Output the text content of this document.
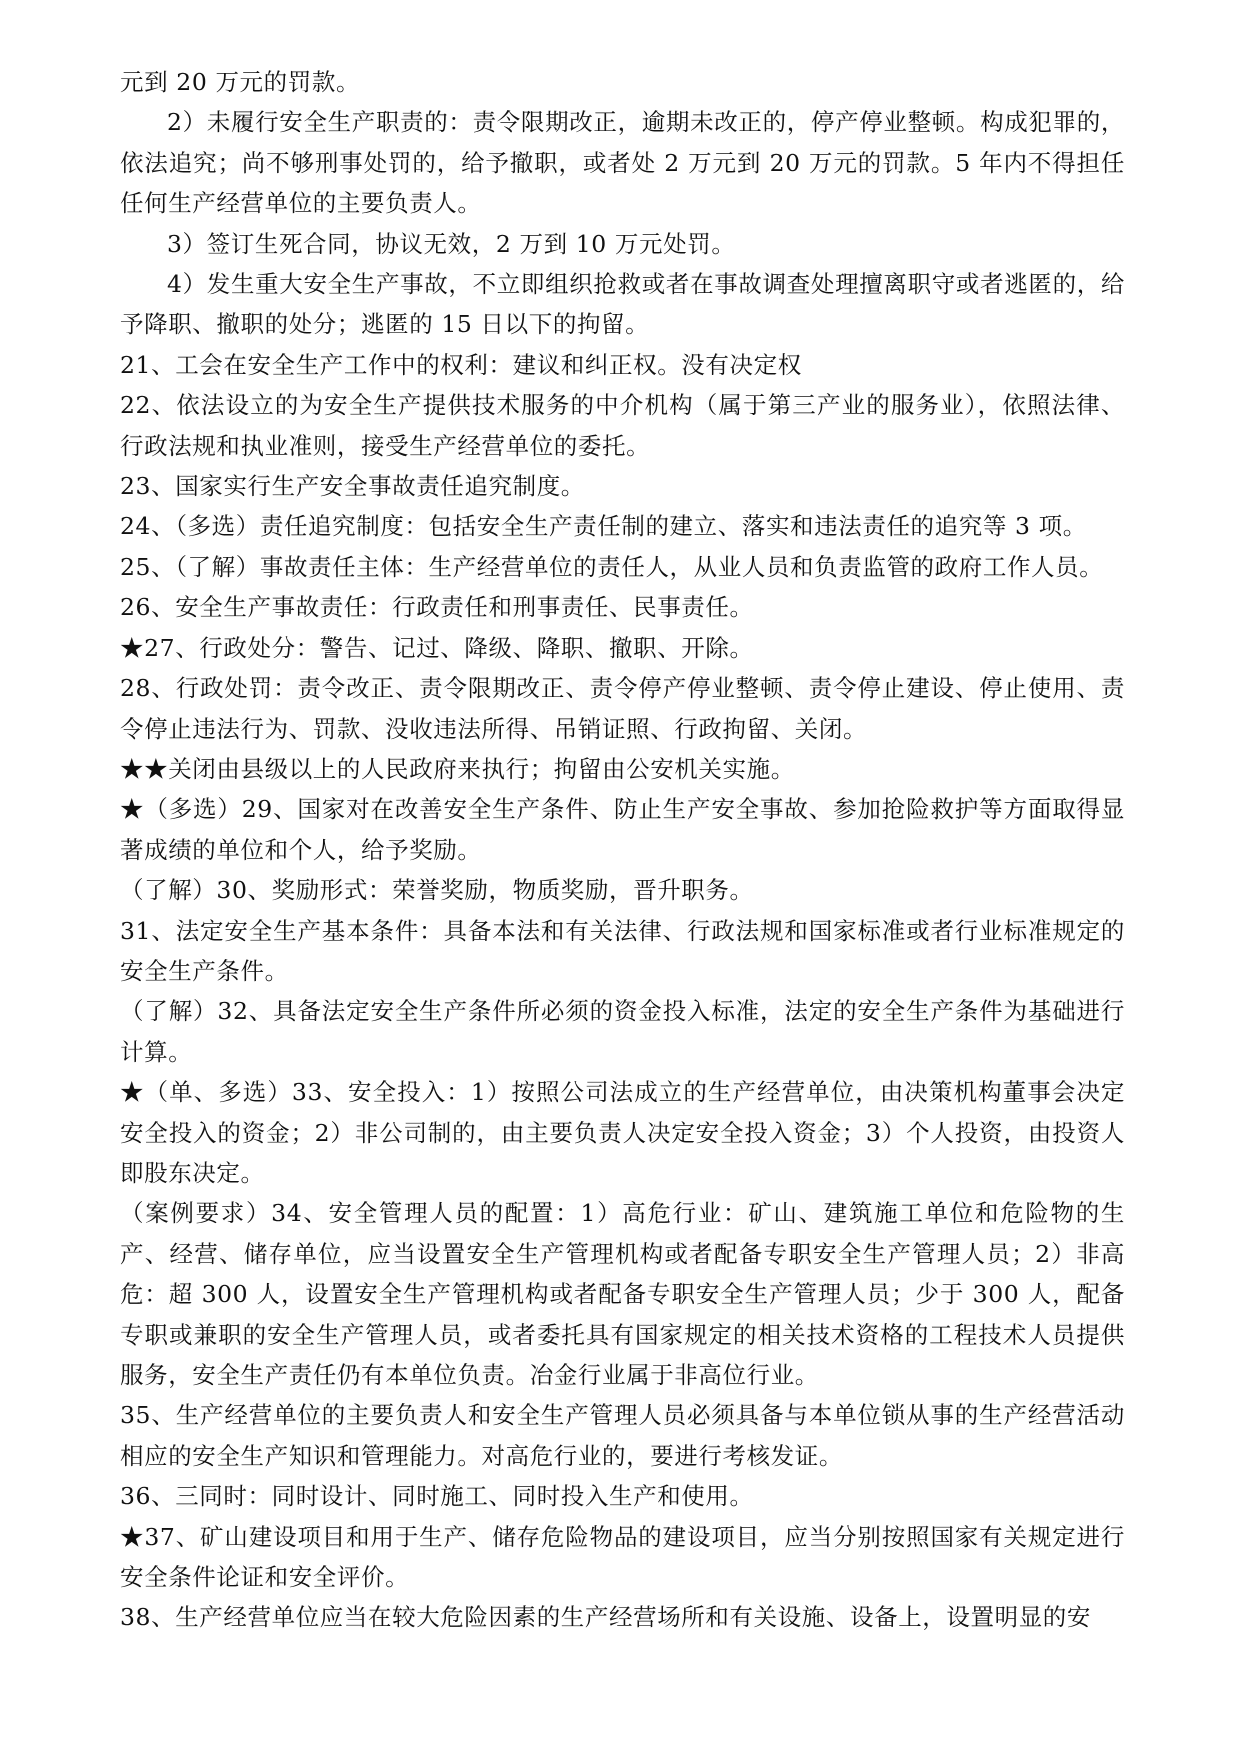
元到 20 万元的罚款。

2）未履行安全生产职责的：责令限期改正，逾期未改正的，停产停业整顿。构成犯罪的，依法追究；尚不够刑事处罚的，给予撤职，或者处 2 万元到 20 万元的罚款。5 年内不得担任任何生产经营单位的主要负责人。

3）签订生死合同，协议无效，2 万到 10 万元处罚。

4）发生重大安全生产事故，不立即组织抢救或者在事故调查处理擅离职守或者逃匿的，给予降职、撤职的处分；逃匿的 15 日以下的拘留。

21、工会在安全生产工作中的权利：建议和纠正权。没有决定权

22、依法设立的为安全生产提供技术服务的中介机构（属于第三产业的服务业），依照法律、行政法规和执业准则，接受生产经营单位的委托。

23、国家实行生产安全事故责任追究制度。

24、（多选）责任追究制度：包括安全生产责任制的建立、落实和违法责任的追究等 3 项。

25、（了解）事故责任主体：生产经营单位的责任人，从业人员和负责监管的政府工作人员。

26、安全生产事故责任：行政责任和刑事责任、民事责任。

★27、行政处分：警告、记过、降级、降职、撤职、开除。

28、行政处罚：责令改正、责令限期改正、责令停产停业整顿、责令停止建设、停止使用、责令停止违法行为、罚款、没收违法所得、吊销证照、行政拘留、关闭。

★★关闭由县级以上的人民政府来执行；拘留由公安机关实施。

★（多选）29、国家对在改善安全生产条件、防止生产安全事故、参加抢险救护等方面取得显著成绩的单位和个人，给予奖励。

（了解）30、奖励形式：荣誉奖励，物质奖励，晋升职务。

31、法定安全生产基本条件：具备本法和有关法律、行政法规和国家标准或者行业标准规定的安全生产条件。

（了解）32、具备法定安全生产条件所必须的资金投入标准，法定的安全生产条件为基础进行计算。

★（单、多选）33、安全投入：1）按照公司法成立的生产经营单位，由决策机构董事会决定安全投入的资金；2）非公司制的，由主要负责人决定安全投入资金；3）个人投资，由投资人即股东决定。

（案例要求）34、安全管理人员的配置：1）高危行业：矿山、建筑施工单位和危险物的生产、经营、储存单位，应当设置安全生产管理机构或者配备专职安全生产管理人员；2）非高危：超 300 人，设置安全生产管理机构或者配备专职安全生产管理人员；少于 300 人，配备专职或兼职的安全生产管理人员，或者委托具有国家规定的相关技术资格的工程技术人员提供服务，安全生产责任仍有本单位负责。冶金行业属于非高位行业。

35、生产经营单位的主要负责人和安全生产管理人员必须具备与本单位锁从事的生产经营活动相应的安全生产知识和管理能力。对高危行业的，要进行考核发证。

36、三同时：同时设计、同时施工、同时投入生产和使用。

★37、矿山建设项目和用于生产、储存危险物品的建设项目，应当分别按照国家有关规定进行安全条件论证和安全评价。

38、生产经营单位应当在较大危险因素的生产经营场所和有关设施、设备上，设置明显的安
